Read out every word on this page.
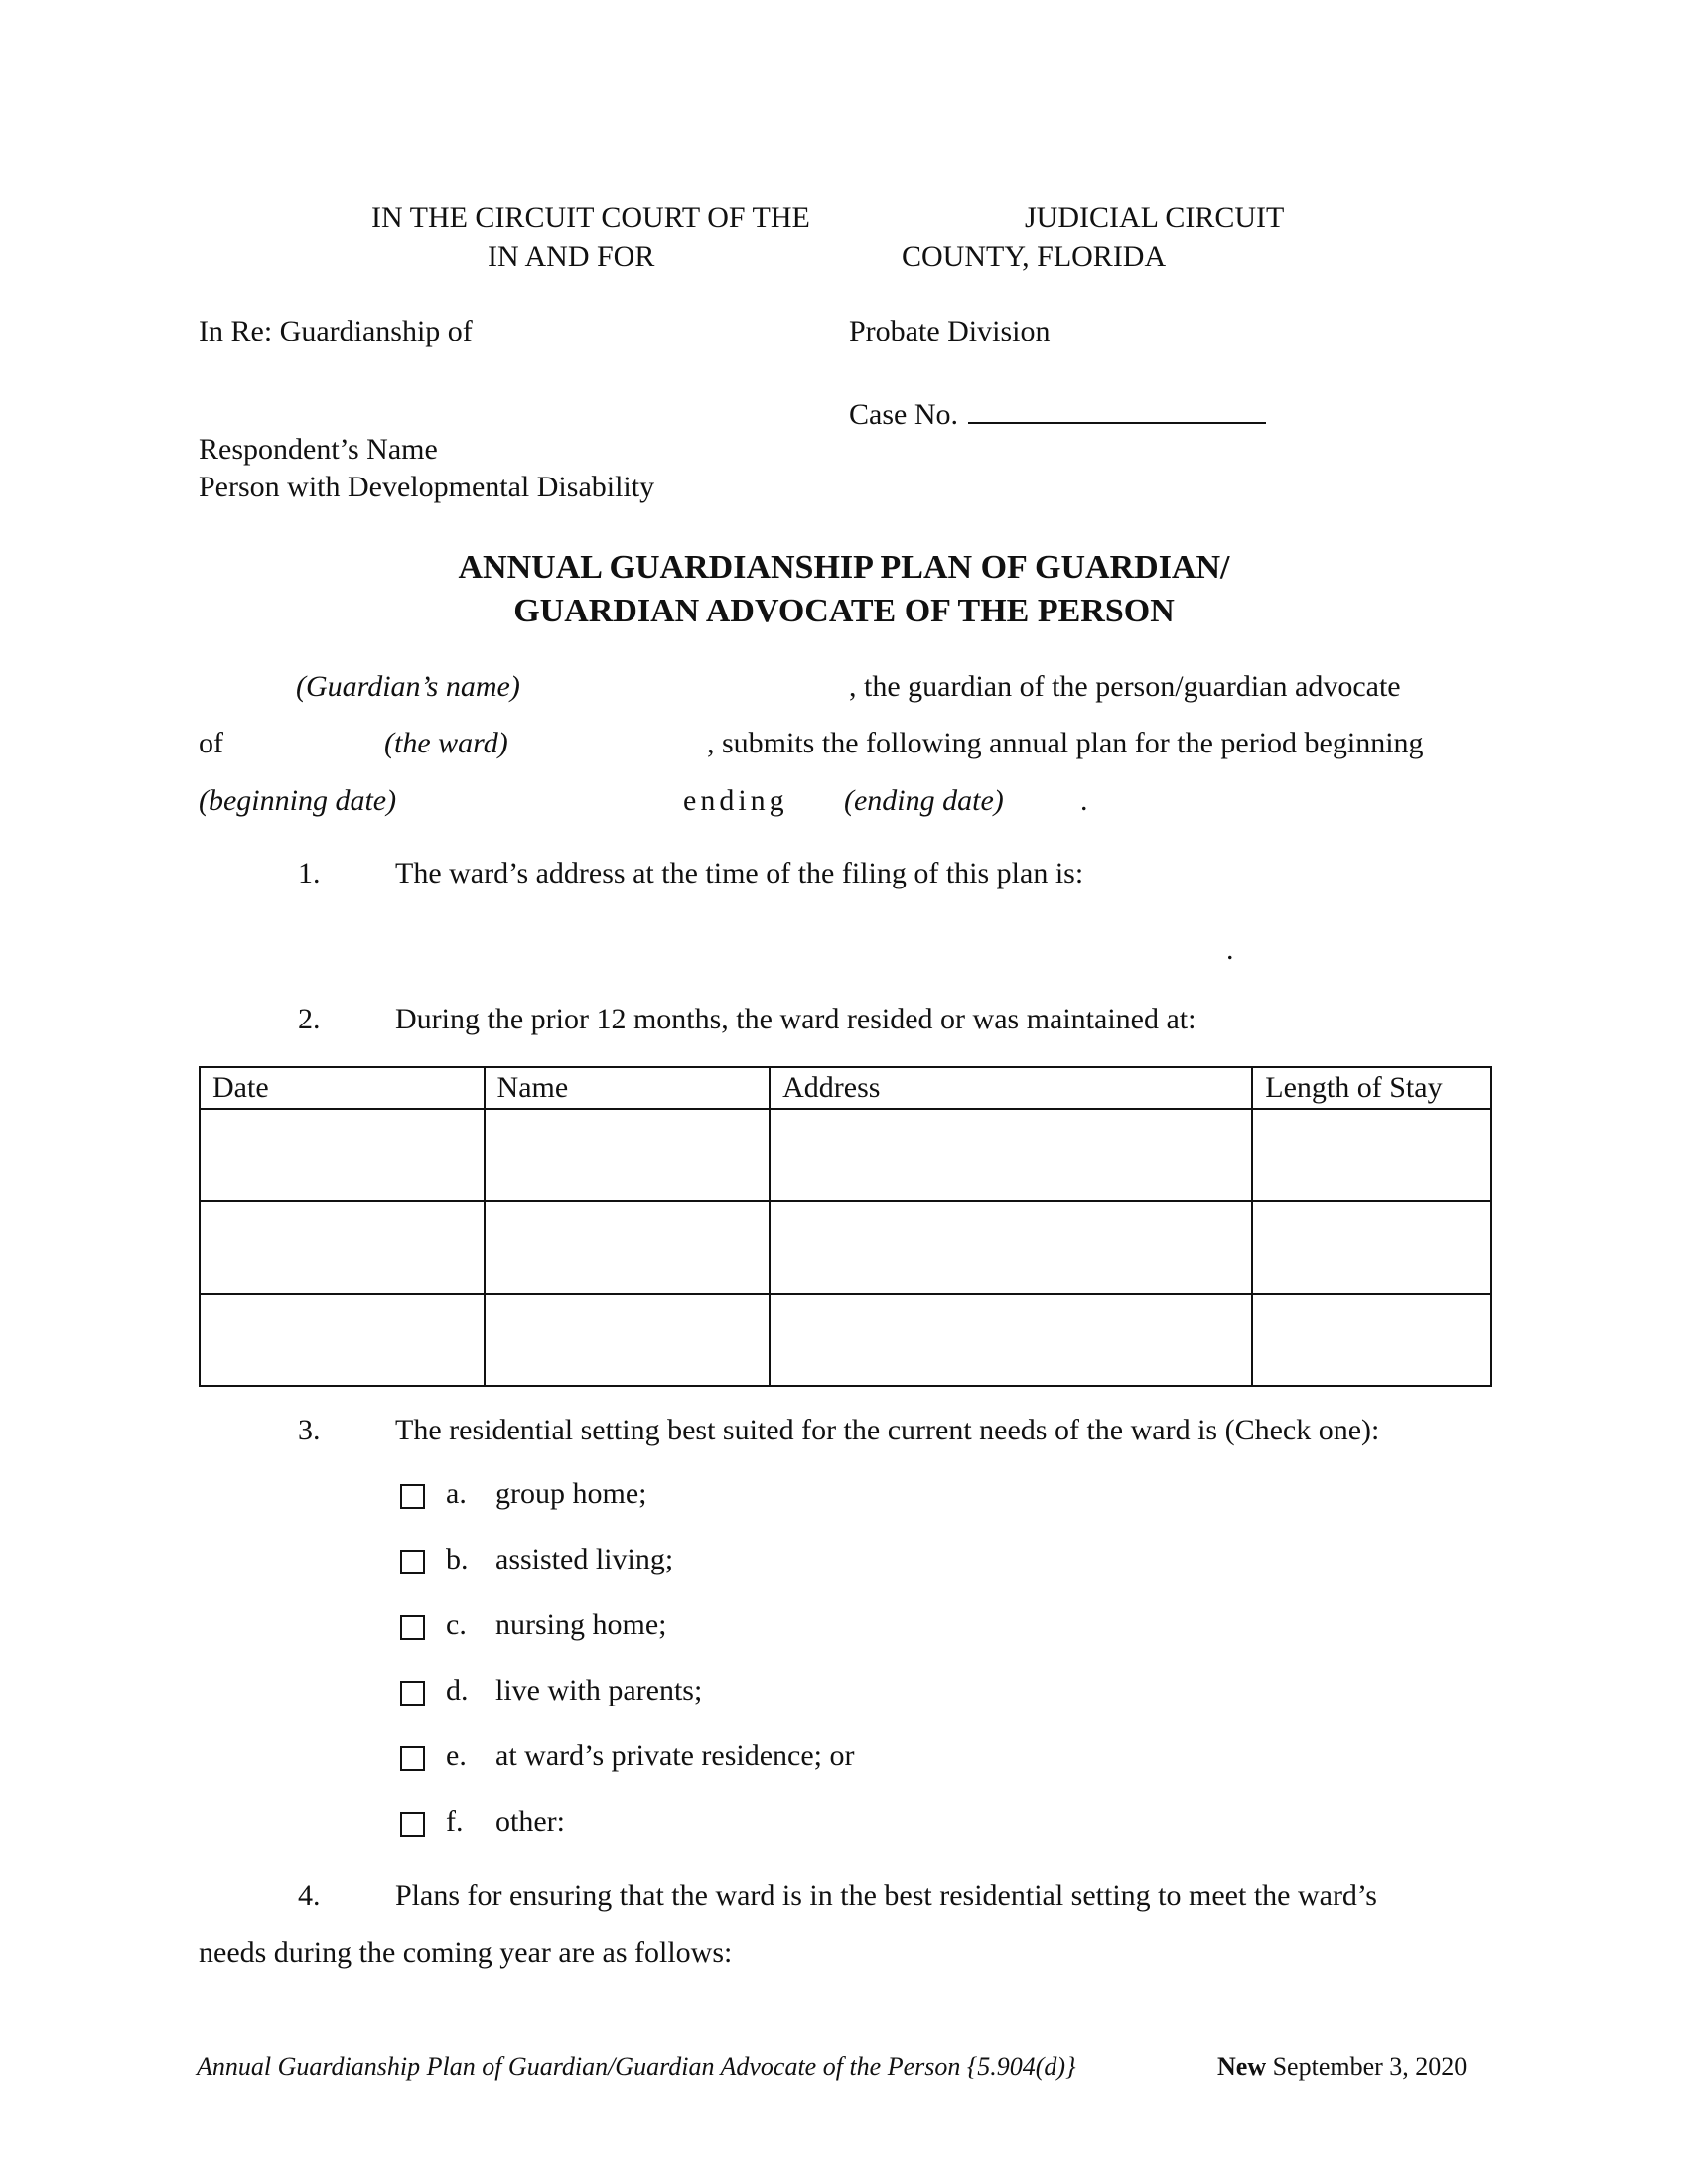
IN THE CIRCUIT COURT OF THE	JUDICIAL CIRCUIT
IN AND FOR	COUNTY, FLORIDA
In Re: Guardianship of	Probate Division
Case No.
Respondent’s Name
Person with Developmental Disability
ANNUAL GUARDIANSHIP PLAN OF GUARDIAN/
GUARDIAN ADVOCATE OF THE PERSON
(Guardian’s name)	, the guardian of the person/guardian advocate
of	(the ward)	, submits the following annual plan for the period beginning
(beginning date)	ending (ending date)	.
1.	The ward’s address at the time of the filing of this plan is:
.
2.	During the prior 12 months, the ward resided or was maintained at:
Date	Name	Address	Length of Stay

3.	The residential setting best suited for the current needs of the ward is (Check one):
a. group home;
b. assisted living;
c. nursing home;
d. live with parents;
e. at ward’s private residence; or
f. other:
4.	Plans for ensuring that the ward is in the best residential setting to meet the ward’s
needs during the coming year are as follows:
Annual Guardianship Plan of Guardian/Guardian Advocate of the Person {5.904(d)}	New September 3, 2020
